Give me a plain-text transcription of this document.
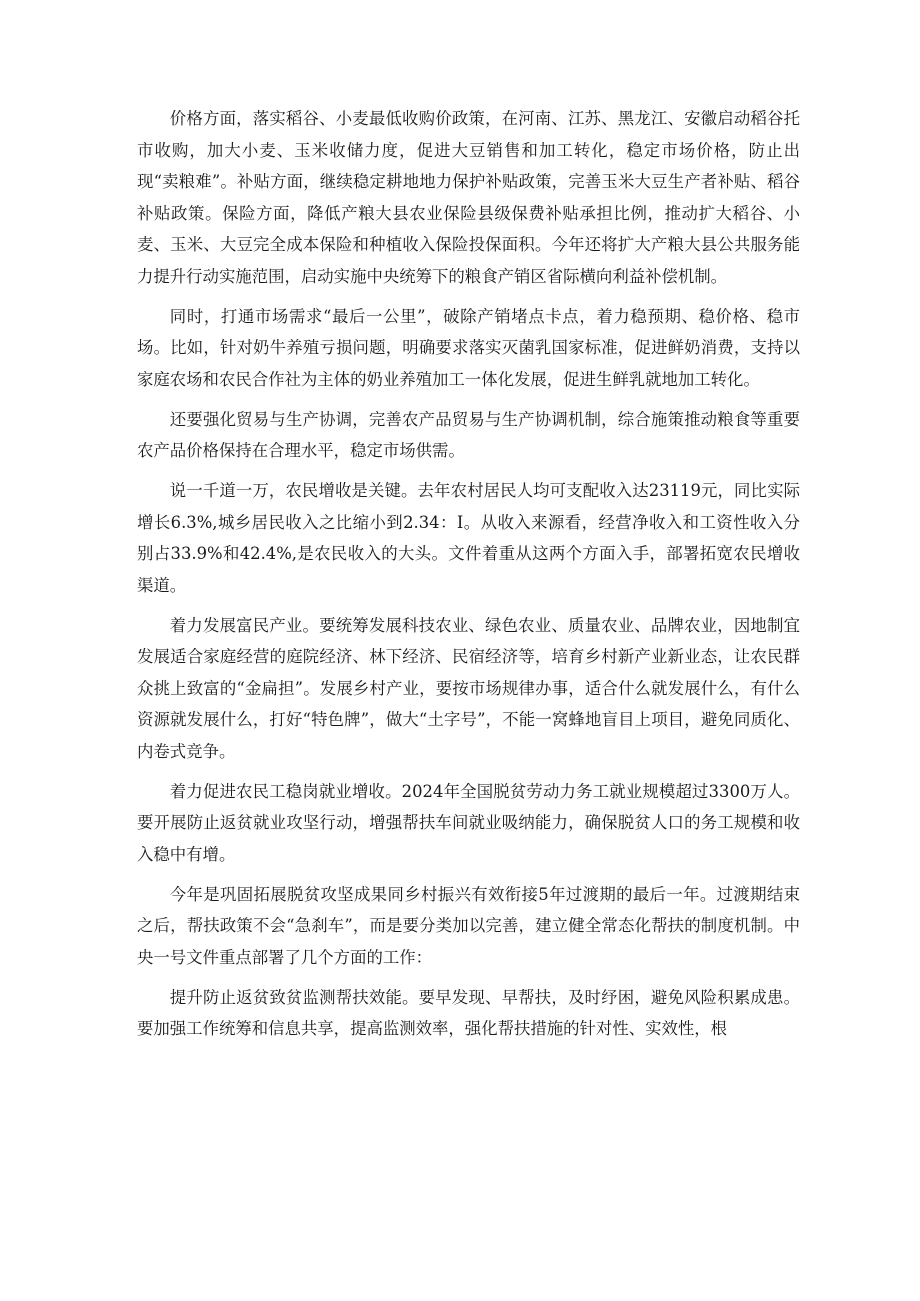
价格方面，落实稻谷、小麦最低收购价政策，在河南、江苏、黑龙江、安徽启动稻谷托市收购，加大小麦、玉米收储力度，促进大豆销售和加工转化，稳定市场价格，防止出现“卖粮难”。补贴方面，继续稳定耕地地力保护补贴政策，完善玉米大豆生产者补贴、稻谷补贴政策。保险方面，降低产粮大县农业保险县级保费补贴承担比例，推动扩大稻谷、小麦、玉米、大豆完全成本保险和种植收入保险投保面积。今年还将扩大产粮大县公共服务能力提升行动实施范围，启动实施中央统筹下的粮食产销区省际横向利益补偿机制。

同时，打通市场需求“最后一公里”，破除产销堵点卡点，着力稳预期、稳价格、稳市场。比如，针对奶牛养殖亏损问题，明确要求落实灭菌乳国家标准，促进鲜奶消费，支持以家庭农场和农民合作社为主体的奶业养殖加工一体化发展，促进生鲜乳就地加工转化。

还要强化贸易与生产协调，完善农产品贸易与生产协调机制，综合施策推动粮食等重要农产品价格保持在合理水平，稳定市场供需。

说一千道一万，农民增收是关键。去年农村居民人均可支配收入达23119元，同比实际增长6.3%,城乡居民收入之比缩小到2.34：I。从收入来源看，经营净收入和工资性收入分别占33.9%和42.4%,是农民收入的大头。文件着重从这两个方面入手，部署拓宽农民增收渠道。

着力发展富民产业。要统筹发展科技农业、绿色农业、质量农业、品牌农业，因地制宜发展适合家庭经营的庭院经济、林下经济、民宿经济等，培育乡村新产业新业态，让农民群众挑上致富的“金扁担”。发展乡村产业，要按市场规律办事，适合什么就发展什么，有什么资源就发展什么，打好“特色牌”，做大“土字号”，不能一窝蜂地盲目上项目，避免同质化、内卷式竞争。

着力促进农民工稳岗就业增收。2024年全国脱贫劳动力务工就业规模超过3300万人。要开展防止返贫就业攻坚行动，增强帮扶车间就业吸纳能力，确保脱贫人口的务工规模和收入稳中有增。

今年是巩固拓展脱贫攻坚成果同乡村振兴有效衔接5年过渡期的最后一年。过渡期结束之后，帮扶政策不会“急刹车”，而是要分类加以完善，建立健全常态化帮扶的制度机制。中央一号文件重点部署了几个方面的工作：

提升防止返贫致贫监测帮扶效能。要早发现、早帮扶，及时纾困，避免风险积累成患。要加强工作统筹和信息共享，提高监测效率，强化帮扶措施的针对性、实效性，根
